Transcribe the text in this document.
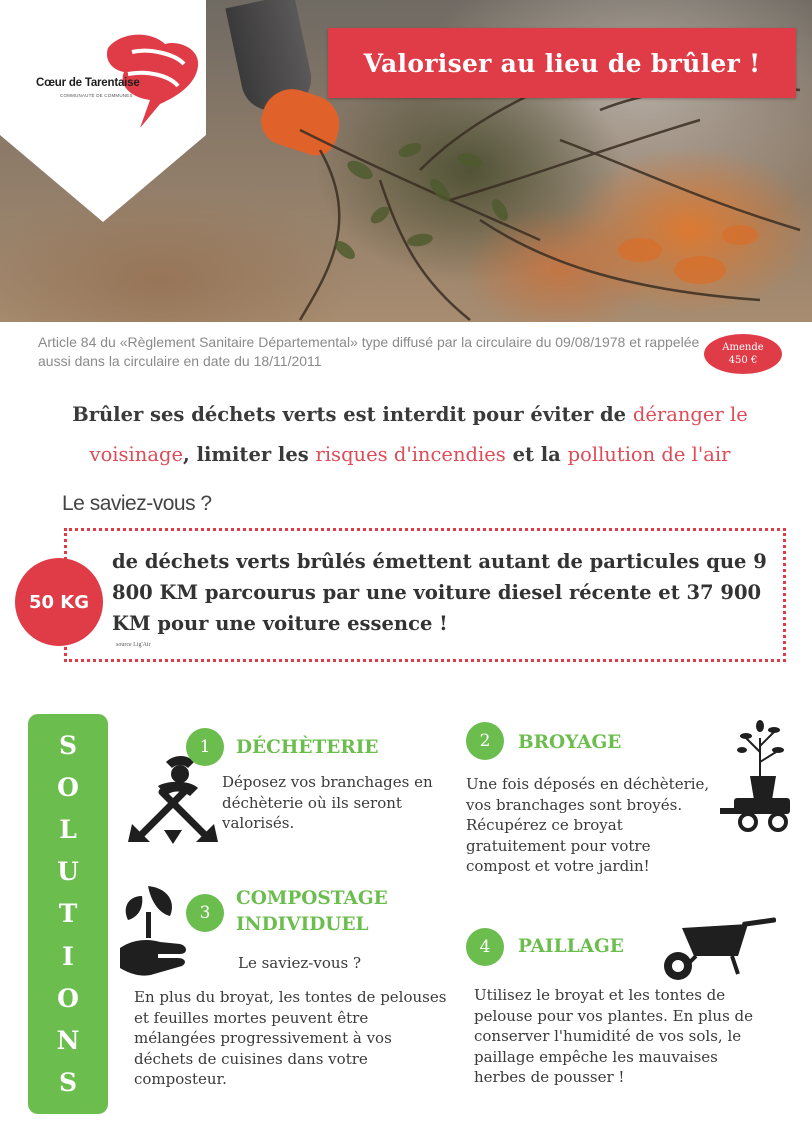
Cœur de Tarentaise
COMMUNAUTÉ DE COMMUNES
Valoriser au lieu de brûler !
Article 84 du «Règlement Sanitaire Départemental» type diffusé par la circulaire du 09/08/1978 et rappelée aussi dans la circulaire en date du 18/11/2011
Amende
450 €
Brûler ses déchets verts est interdit pour éviter de déranger le voisinage, limiter les risques d'incendies et la pollution de l'air
Le saviez-vous ?
50 KG
de déchets verts brûlés émettent autant de particules que 9 800 KM parcourus par une voiture diesel récente et 37 900 KM pour une voiture essence !
source Lig'Air
S
O
L
U
T
I
O
N
S
1	DÉCHÈTERIE
Déposez vos branchages en déchèterie où ils seront valorisés.
2	BROYAGE
Une fois déposés en déchèterie, vos branchages sont broyés. Récupérez ce broyat gratuitement pour votre compost et votre jardin!
3
COMPOSTAGE INDIVIDUEL
Le saviez-vous ?
En plus du broyat, les tontes de pelouses et feuilles mortes peuvent être mélangées progressivement à vos déchets de cuisines dans votre composteur.
4	PAILLAGE
Utilisez le broyat et les tontes de pelouse pour vos plantes. En plus de conserver l'humidité de vos sols, le paillage empêche les mauvaises herbes de pousser !
